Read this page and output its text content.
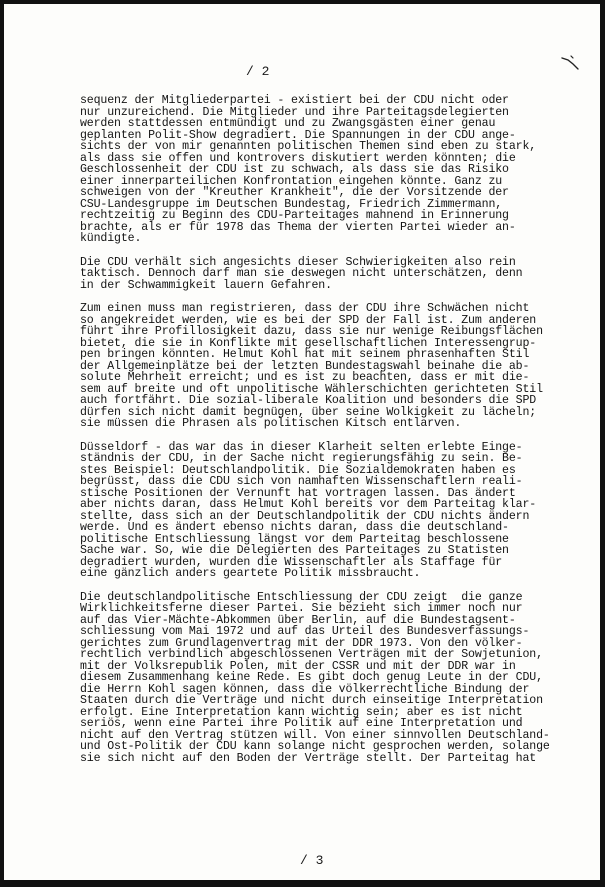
/ 2
sequenz der Mitgliederpartei - existiert bei der CDU nicht oder
nur unzureichend. Die Mitglieder und ihre Parteitagsdelegierten
werden stattdessen entmündigt und zu Zwangsgästen einer genau
geplanten Polit-Show degradiert. Die Spannungen in der CDU ange-
sichts der von mir genannten politischen Themen sind eben zu stark,
als dass sie offen und kontrovers diskutiert werden könnten; die
Geschlossenheit der CDU ist zu schwach, als dass sie das Risiko
einer innerparteilichen Konfrontation eingehen könnte. Ganz zu
schweigen von der "Kreuther Krankheit", die der Vorsitzende der
CSU-Landesgruppe im Deutschen Bundestag, Friedrich Zimmermann,
rechtzeitig zu Beginn des CDU-Parteitages mahnend in Erinnerung
brachte, als er für 1978 das Thema der vierten Partei wieder an-
kündigte.
Die CDU verhält sich angesichts dieser Schwierigkeiten also rein
taktisch. Dennoch darf man sie deswegen nicht unterschätzen, denn
in der Schwammigkeit lauern Gefahren.
Zum einen muss man registrieren, dass der CDU ihre Schwächen nicht
so angekreidet werden, wie es bei der SPD der Fall ist. Zum anderen
führt ihre Profillosigkeit dazu, dass sie nur wenige Reibungsflächen
bietet, die sie in Konflikte mit gesellschaftlichen Interessengrup-
pen bringen könnten. Helmut Kohl hat mit seinem phrasenhaften Stil
der Allgemeinplätze bei der letzten Bundestagswahl beinahe die ab-
solute Mehrheit erreicht; und es ist zu beachten, dass er mit die-
sem auf breite und oft unpolitische Wählerschichten gerichteten Stil
auch fortfährt. Die sozial-liberale Koalition und besonders die SPD
dürfen sich nicht damit begnügen, über seine Wolkigkeit zu lächeln;
sie müssen die Phrasen als politischen Kitsch entlarven.
Düsseldorf - das war das in dieser Klarheit selten erlebte Einge-
ständnis der CDU, in der Sache nicht regierungsfähig zu sein. Be-
stes Beispiel: Deutschlandpolitik. Die Sozialdemokraten haben es
begrüsst, dass die CDU sich von namhaften Wissenschaftlern reali-
stische Positionen der Vernunft hat vortragen lassen. Das ändert
aber nichts daran, dass Helmut Kohl bereits vor dem Parteitag klar-
stellte, dass sich an der Deutschlandpolitik der CDU nichts ändern
werde. Und es ändert ebenso nichts daran, dass die deutschland-
politische Entschliessung längst vor dem Parteitag beschlossene
Sache war. So, wie die Delegierten des Parteitages zu Statisten
degradiert wurden, wurden die Wissenschaftler als Staffage für
eine gänzlich anders geartete Politik missbraucht.
Die deutschlandpolitische Entschliessung der CDU zeigt  die ganze
Wirklichkeitsferne dieser Partei. Sie bezieht sich immer noch nur
auf das Vier-Mächte-Abkommen über Berlin, auf die Bundestagsent-
schliessung vom Mai 1972 und auf das Urteil des Bundesverfassungs-
gerichtes zum Grundlagenvertrag mit der DDR 1973. Von den völker-
rechtlich verbindlich abgeschlossenen Verträgen mit der Sowjetunion,
mit der Volksrepublik Polen, mit der CSSR und mit der DDR war in
diesem Zusammenhang keine Rede. Es gibt doch genug Leute in der CDU,
die Herrn Kohl sagen können, dass die völkerrechtliche Bindung der
Staaten durch die Verträge und nicht durch einseitige Interpretation
erfolgt. Eine Interpretation kann wichtig sein; aber es ist nicht
seriös, wenn eine Partei ihre Politik auf eine Interpretation und
nicht auf den Vertrag stützen will. Von einer sinnvollen Deutschland-
und Ost-Politik der CDU kann solange nicht gesprochen werden, solange
sie sich nicht auf den Boden der Verträge stellt. Der Parteitag hat
/ 3
